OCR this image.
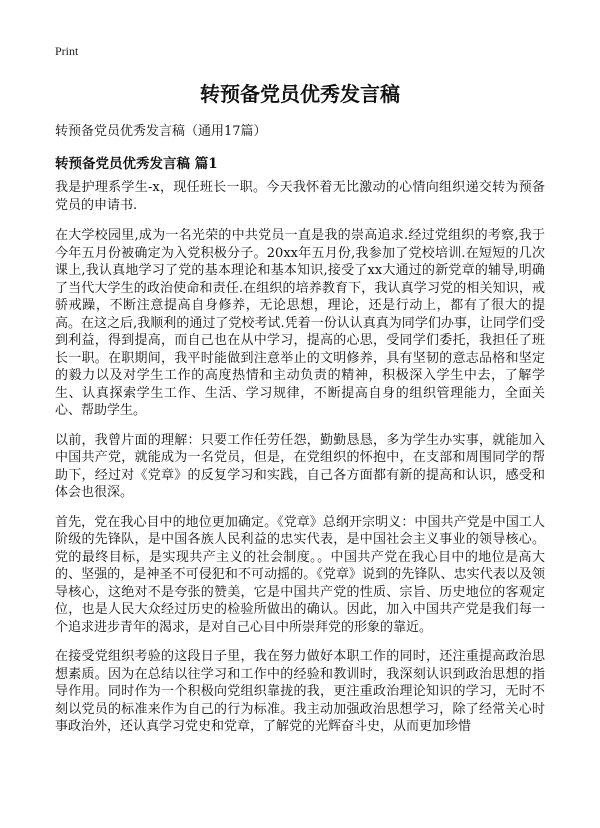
Print
转预备党员优秀发言稿
转预备党员优秀发言稿（通用17篇）
转预备党员优秀发言稿 篇1

我是护理系学生-x，现任班长一职。今天我怀着无比激动的心情向组织递交转为预备党员的申请书.

在大学校园里,成为一名光荣的中共党员一直是我的崇高追求.经过党组织的考察,我于今年五月份被确定为入党积极分子。20xx年五月份,我参加了党校培训.在短短的几次课上,我认真地学习了党的基本理论和基本知识,接受了xx大通过的新党章的辅导,明确了当代大学生的政治使命和责任.在组织的培养教育下，我认真学习党的相关知识，戒骄戒躁，不断注意提高自身修养，无论思想，理论，还是行动上，都有了很大的提高。在这之后,我顺利的通过了党校考试.凭着一份认认真真为同学们办事，让同学们受到利益，得到提高，而自己也在从中学习，提高的心思，受同学们委托，我担任了班长一职。在职期间，我平时能做到注意举止的文明修养，具有坚韧的意志品格和坚定的毅力以及对学生工作的高度热情和主动负责的精神，积极深入学生中去，了解学生、认真探索学生工作、生活、学习规律，不断提高自身的组织管理能力，全面关心、帮助学生。

以前，我曾片面的理解：只要工作任劳任怨，勤勤恳恳，多为学生办实事，就能加入中国共产党，就能成为一名党员，但是，在党组织的怀抱中，在支部和周围同学的帮助下，经过对《党章》的反复学习和实践，自己各方面都有新的提高和认识，感受和体会也很深。

首先，党在我心目中的地位更加确定。《党章》总纲开宗明义：中国共产党是中国工人阶级的先锋队，是中国各族人民利益的忠实代表，是中国社会主义事业的领导核心。党的最终目标，是实现共产主义的社会制度。。中国共产党在我心目中的地位是高大的、坚强的，是神圣不可侵犯和不可动摇的。《党章》说到的先锋队、忠实代表以及领导核心，这绝对不是夸张的赞美，它是中国共产党的性质、宗旨、历史地位的客观定位，也是人民大众经过历史的检验所做出的确认。因此，加入中国共产党是我们每一个追求进步青年的渴求，是对自己心目中所崇拜党的形象的靠近。

在接受党组织考验的这段日子里，我在努力做好本职工作的同时，还注重提高政治思想素质。因为在总结以往学习和工作中的经验和教训时，我深刻认识到政治思想的指导作用。同时作为一个积极向党组织靠拢的我，更注重政治理论知识的学习，无时不刻以党员的标准来作为自己的行为标准。我主动加强政治思想学习，除了经常关心时事政治外，还认真学习党史和党章，了解党的光辉奋斗史，从而更加珍惜
